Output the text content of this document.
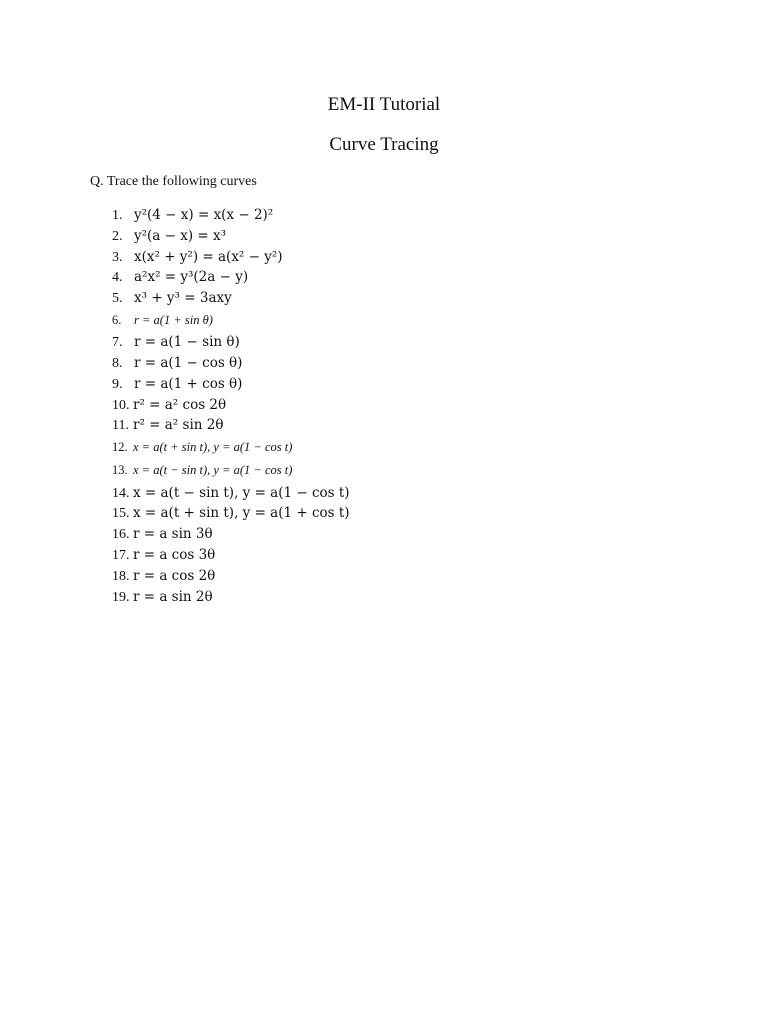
EM-II Tutorial
Curve Tracing

Q. Trace the following curves

1. y²(4 − x) = x(x − 2)²
2. y²(a − x) = x³
3. x(x² + y²) = a(x² − y²)
4. a²x² = y³(2a − y)
5. x³ + y³ = 3axy
6.	r = a(1 + sin θ)
7. r = a(1 − sin θ)
8. r = a(1 − cos θ)
9. r = a(1 + cos θ)
10. r² = a² cos 2θ
11. r² = a² sin 2θ
12. x = a(t + sin t), y = a(1 − cos t)
13. x = a(t − sin t), y = a(1 − cos t)
14. x = a(t − sin t), y = a(1 − cos t)
15. x = a(t + sin t), y = a(1 + cos t)
16. r = a sin 3θ
17. r = a cos 3θ
18. r = a cos 2θ
19. r = a sin 2θ
